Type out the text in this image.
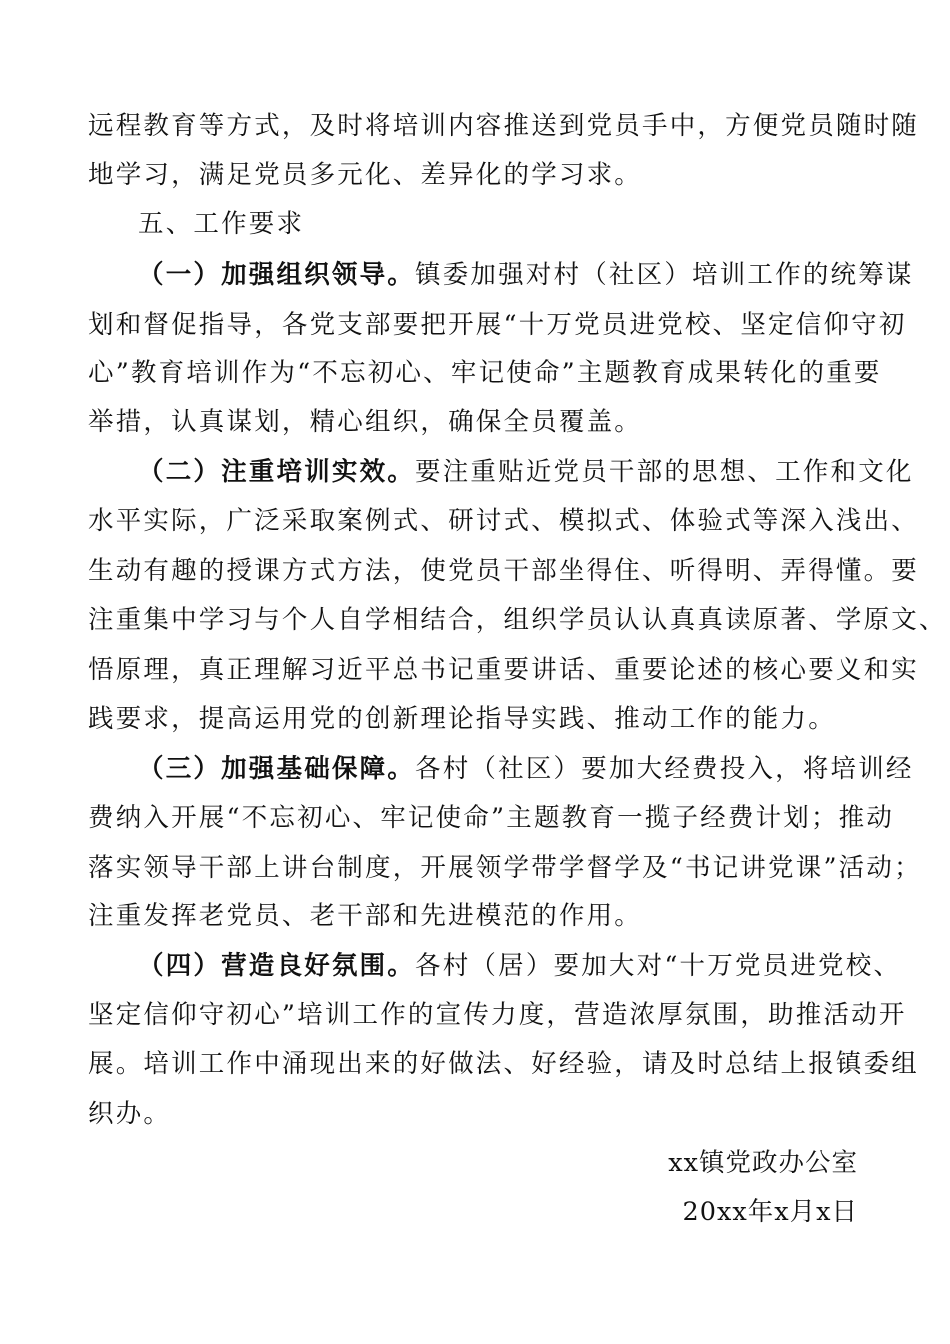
远程教育等方式，及时将培训内容推送到党员手中，方便党员随时随
地学习，满足党员多元化、差异化的学习求。
五、工作要求
（一）加强组织领导。镇委加强对村（社区）培训工作的统筹谋
划和督促指导，各党支部要把开展“十万党员进党校、坚定信仰守初
心”教育培训作为“不忘初心、牢记使命”主题教育成果转化的重要
举措，认真谋划，精心组织，确保全员覆盖。
（二）注重培训实效。要注重贴近党员干部的思想、工作和文化
水平实际，广泛采取案例式、研讨式、模拟式、体验式等深入浅出、
生动有趣的授课方式方法，使党员干部坐得住、听得明、弄得懂。要
注重集中学习与个人自学相结合，组织学员认认真真读原著、学原文、
悟原理，真正理解习近平总书记重要讲话、重要论述的核心要义和实
践要求，提高运用党的创新理论指导实践、推动工作的能力。
（三）加强基础保障。各村（社区）要加大经费投入，将培训经
费纳入开展“不忘初心、牢记使命”主题教育一揽子经费计划；推动
落实领导干部上讲台制度，开展领学带学督学及“书记讲党课”活动；
注重发挥老党员、老干部和先进模范的作用。
（四）营造良好氛围。各村（居）要加大对“十万党员进党校、
坚定信仰守初心”培训工作的宣传力度，营造浓厚氛围，助推活动开
展。培训工作中涌现出来的好做法、好经验，请及时总结上报镇委组
织办。
xx镇党政办公室
20xx年x月x日
